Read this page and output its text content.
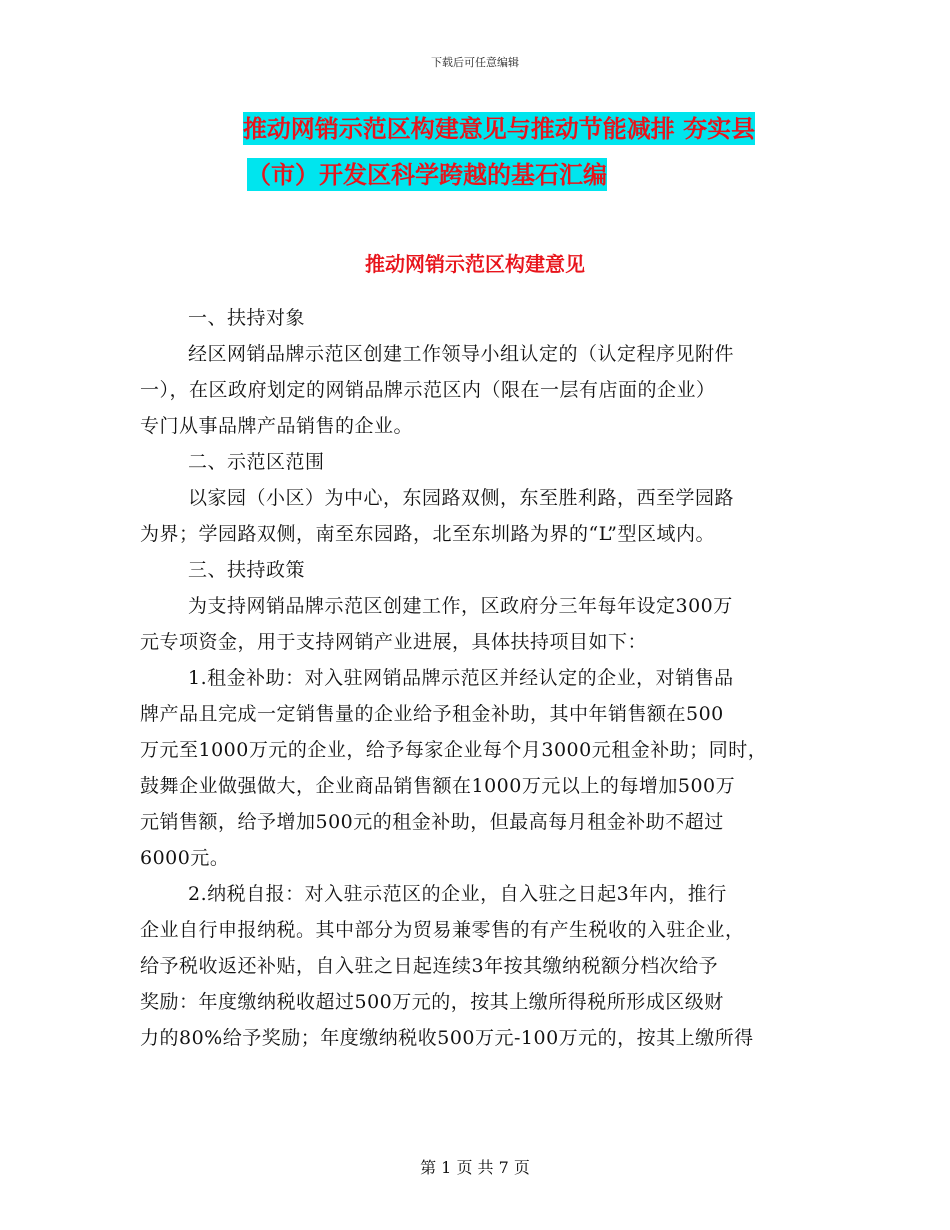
下载后可任意编辑
推动网销示范区构建意见与推动节能减排 夯实县
（市）开发区科学跨越的基石汇编
推动网销示范区构建意见
一、扶持对象
经区网销品牌示范区创建工作领导小组认定的（认定程序见附件
一），在区政府划定的网销品牌示范区内（限在一层有店面的企业）
专门从事品牌产品销售的企业。
二、示范区范围
以家园（小区）为中心，东园路双侧，东至胜利路，西至学园路
为界；学园路双侧，南至东园路，北至东圳路为界的“L”型区域内。
三、扶持政策
为支持网销品牌示范区创建工作，区政府分三年每年设定300万
元专项资金，用于支持网销产业进展，具体扶持项目如下：
1.租金补助：对入驻网销品牌示范区并经认定的企业，对销售品
牌产品且完成一定销售量的企业给予租金补助，其中年销售额在500
万元至1000万元的企业，给予每家企业每个月3000元租金补助；同时，
鼓舞企业做强做大，企业商品销售额在1000万元以上的每增加500万
元销售额，给予增加500元的租金补助，但最高每月租金补助不超过
6000元。
2.纳税自报：对入驻示范区的企业，自入驻之日起3年内，推行
企业自行申报纳税。其中部分为贸易兼零售的有产生税收的入驻企业，
给予税收返还补贴，自入驻之日起连续3年按其缴纳税额分档次给予
奖励：年度缴纳税收超过500万元的，按其上缴所得税所形成区级财
力的80%给予奖励；年度缴纳税收500万元-100万元的，按其上缴所得
第 1 页 共 7 页
